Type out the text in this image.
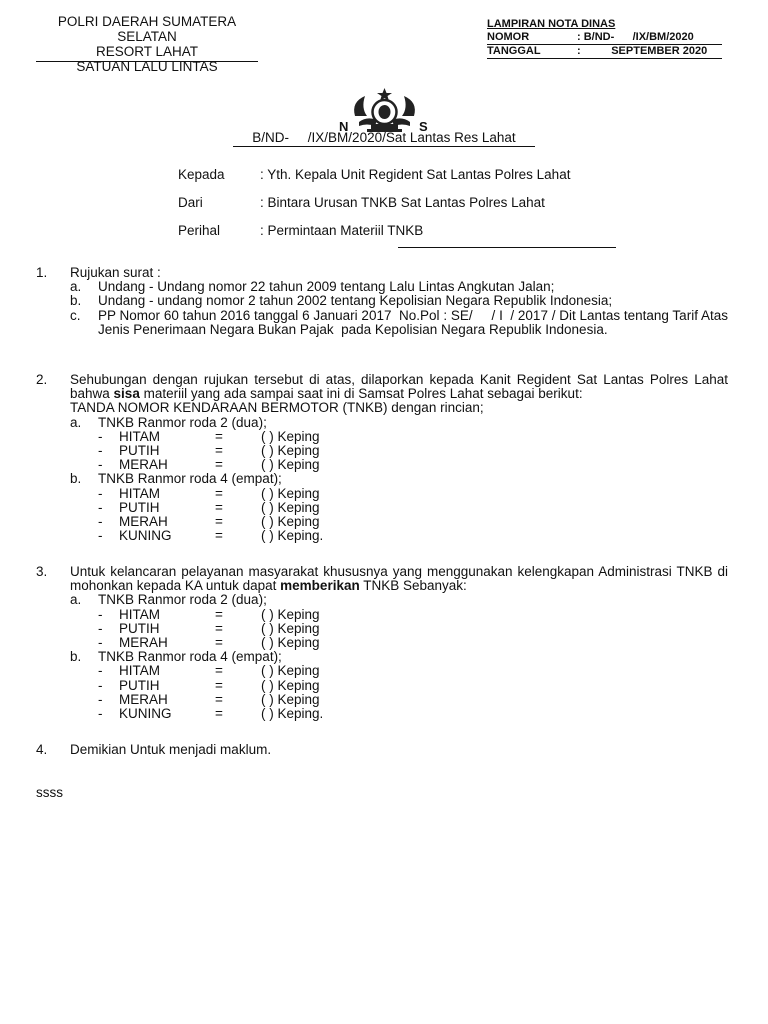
POLRI DAERAH SUMATERA SELATAN
RESORT LAHAT
SATUAN LALU LINTAS
LAMPIRAN NOTA DINAS
NOMOR	: B/ND-      /IX/BM/2020
TANGGAL	:          SEPTEMBER 2020
N	S
B/ND-     /IX/BM/2020/Sat Lantas Res Lahat
Kepada	: Yth. Kepala Unit Regident Sat Lantas Polres Lahat
Dari	: Bintara Urusan TNKB Sat Lantas Polres Lahat
Perihal	: Permintaan Materiil TNKB
1. Rujukan surat :
a.	Undang - Undang nomor 22 tahun 2009 tentang Lalu Lintas Angkutan Jalan;
b.	Undang - undang nomor 2 tahun 2002 tentang Kepolisian Negara Republik Indonesia;
c.	PP Nomor 60 tahun 2016 tanggal 6 Januari 2017  No.Pol : SE/     / I  / 2017 / Dit Lantas tentang Tarif Atas Jenis Penerimaan Negara Bukan Pajak  pada Kepolisian Negara Republik Indonesia.
2. Sehubungan dengan rujukan tersebut di atas, dilaporkan kepada Kanit Regident Sat Lantas Polres Lahat bahwa sisa materiil yang ada sampai saat ini di Samsat Polres Lahat sebagai berikut:
TANDA NOMOR KENDARAAN BERMOTOR (TNKB) dengan rincian;
a.	TNKB Ranmor roda 2 (dua);
-	HITAM	=	( ) Keping
-	PUTIH	=	( ) Keping
-	MERAH	=	( ) Keping
b.	TNKB Ranmor roda 4 (empat);
-	HITAM	=	( ) Keping
-	PUTIH	=	( ) Keping
-	MERAH	=	( ) Keping
-	KUNING	=	( ) Keping.
3. Untuk kelancaran pelayanan masyarakat khususnya yang menggunakan kelengkapan Administrasi TNKB di mohonkan kepada KA untuk dapat memberikan TNKB Sebanyak:
a.	TNKB Ranmor roda 2 (dua);
-	HITAM	=	( ) Keping
-	PUTIH	=	( ) Keping
-	MERAH	=	( ) Keping
b.	TNKB Ranmor roda 4 (empat);
-	HITAM	=	( ) Keping
-	PUTIH	=	( ) Keping
-	MERAH	=	( ) Keping
-	KUNING	=	( ) Keping.
4. Demikian Untuk menjadi maklum.
ssss
